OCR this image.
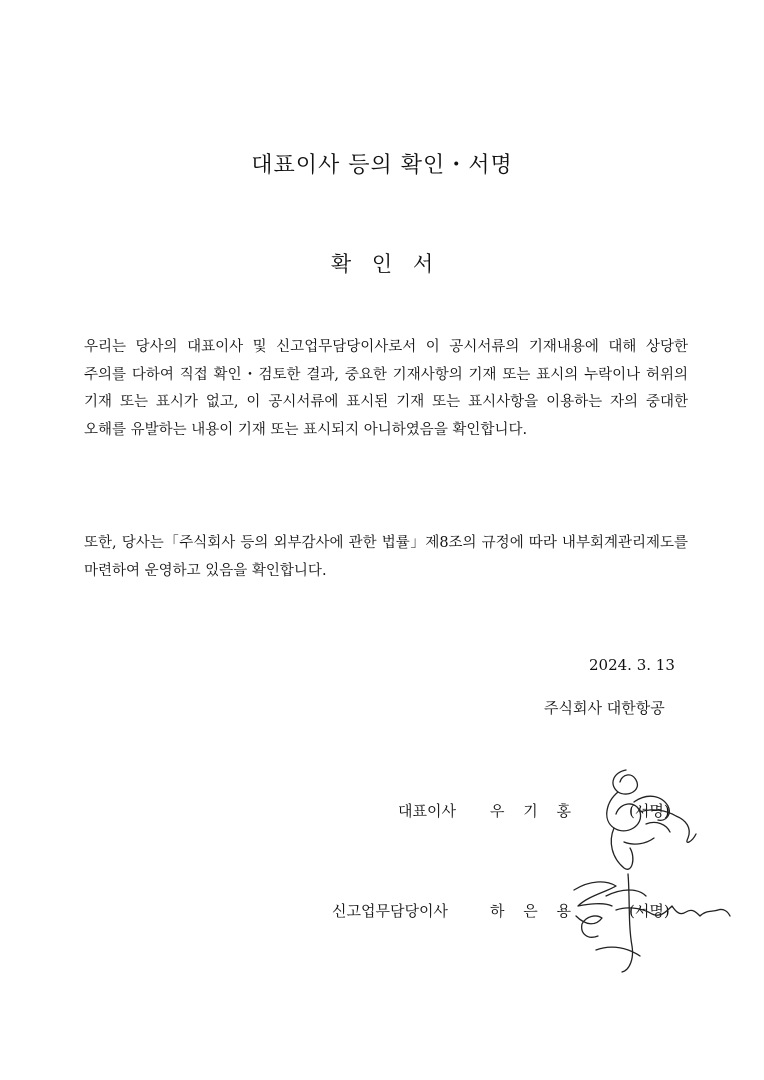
대표이사 등의 확인・서명
확 인 서
우리는 당사의 대표이사 및 신고업무담당이사로서 이 공시서류의 기재내용에 대해 상당한 주의를 다하여 직접 확인・검토한 결과, 중요한 기재사항의 기재 또는 표시의 누락이나 허위의 기재 또는 표시가 없고, 이 공시서류에 표시된 기재 또는 표시사항을 이용하는 자의 중대한 오해를 유발하는 내용이 기재 또는 표시되지 아니하였음을 확인합니다.
또한, 당사는「주식회사 등의 외부감사에 관한 법률」제8조의 규정에 따라 내부회계관리제도를 마련하여 운영하고 있음을 확인합니다.
2024. 3. 13
주식회사 대한항공
대표이사 우 기 홍	(서명)
신고업무담당이사	하 은 용	(서명)
